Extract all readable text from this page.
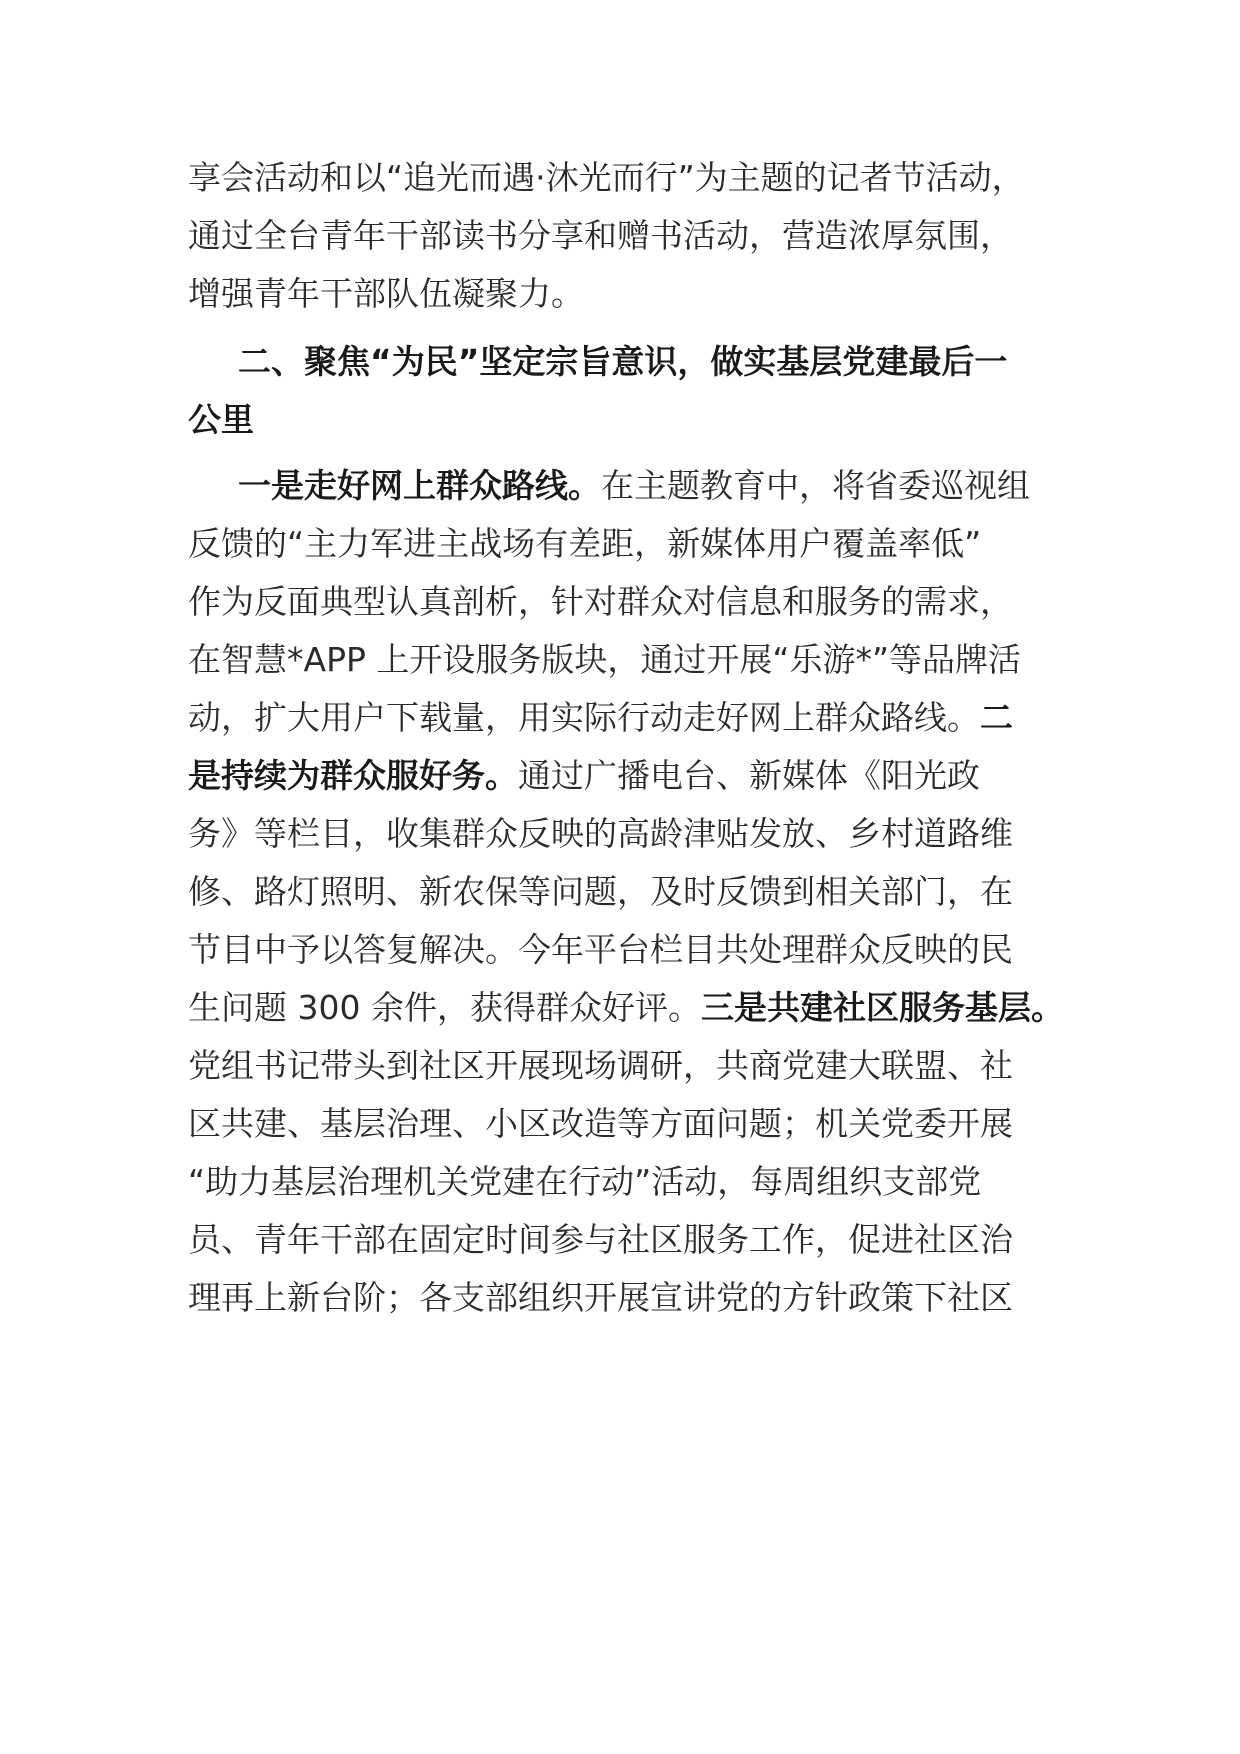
享会活动和以“追光而遇·沐光而行”为主题的记者节活动，
通过全台青年干部读书分享和赠书活动，营造浓厚氛围，
增强青年干部队伍凝聚力。
二、聚焦“为民”坚定宗旨意识，做实基层党建最后一
公里
一是走好网上群众路线。在主题教育中，将省委巡视组
反馈的“主力军进主战场有差距，新媒体用户覆盖率低”
作为反面典型认真剖析，针对群众对信息和服务的需求，
在智慧*APP 上开设服务版块，通过开展“乐游*”等品牌活
动，扩大用户下载量，用实际行动走好网上群众路线。二
是持续为群众服好务。通过广播电台、新媒体《阳光政
务》等栏目，收集群众反映的高龄津贴发放、乡村道路维
修、路灯照明、新农保等问题，及时反馈到相关部门，在
节目中予以答复解决。今年平台栏目共处理群众反映的民
生问题 300 余件，获得群众好评。三是共建社区服务基层。
党组书记带头到社区开展现场调研，共商党建大联盟、社
区共建、基层治理、小区改造等方面问题；机关党委开展
“助力基层治理机关党建在行动”活动，每周组织支部党
员、青年干部在固定时间参与社区服务工作，促进社区治
理再上新台阶；各支部组织开展宣讲党的方针政策下社区
